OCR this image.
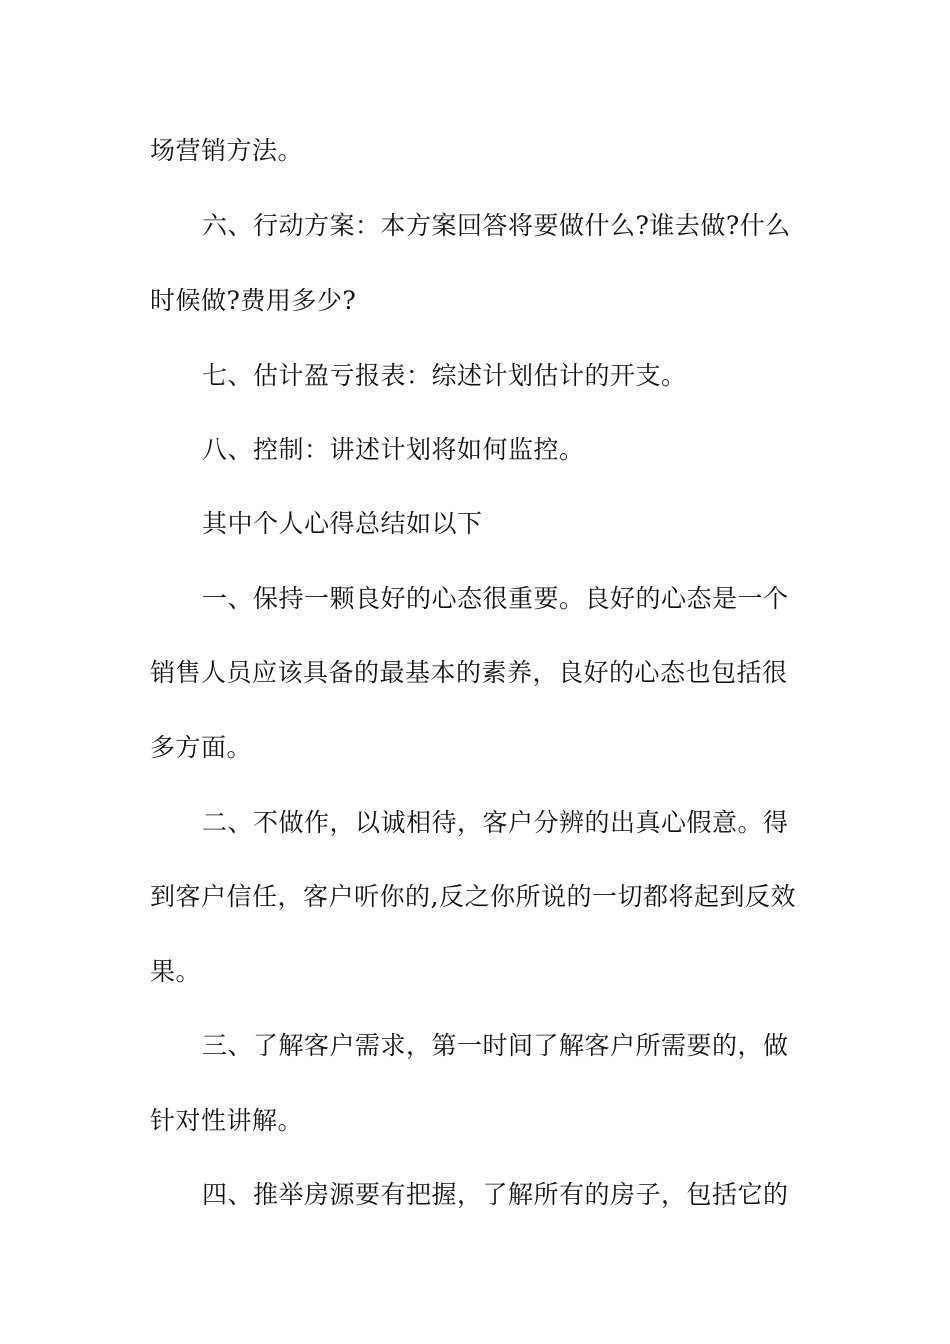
场营销方法。
六、行动方案：本方案回答将要做什么?谁去做?什么
时候做?费用多少?
七、估计盈亏报表：综述计划估计的开支。
八、控制：讲述计划将如何监控。
其中个人心得总结如以下
一、保持一颗良好的心态很重要。良好的心态是一个
销售人员应该具备的最基本的素养，良好的心态也包括很
多方面。
二、不做作，以诚相待，客户分辨的出真心假意。得
到客户信任，客户听你的,反之你所说的一切都将起到反效
果。
三、了解客户需求，第一时间了解客户所需要的，做
针对性讲解。
四、推举房源要有把握，了解所有的房子，包括它的
